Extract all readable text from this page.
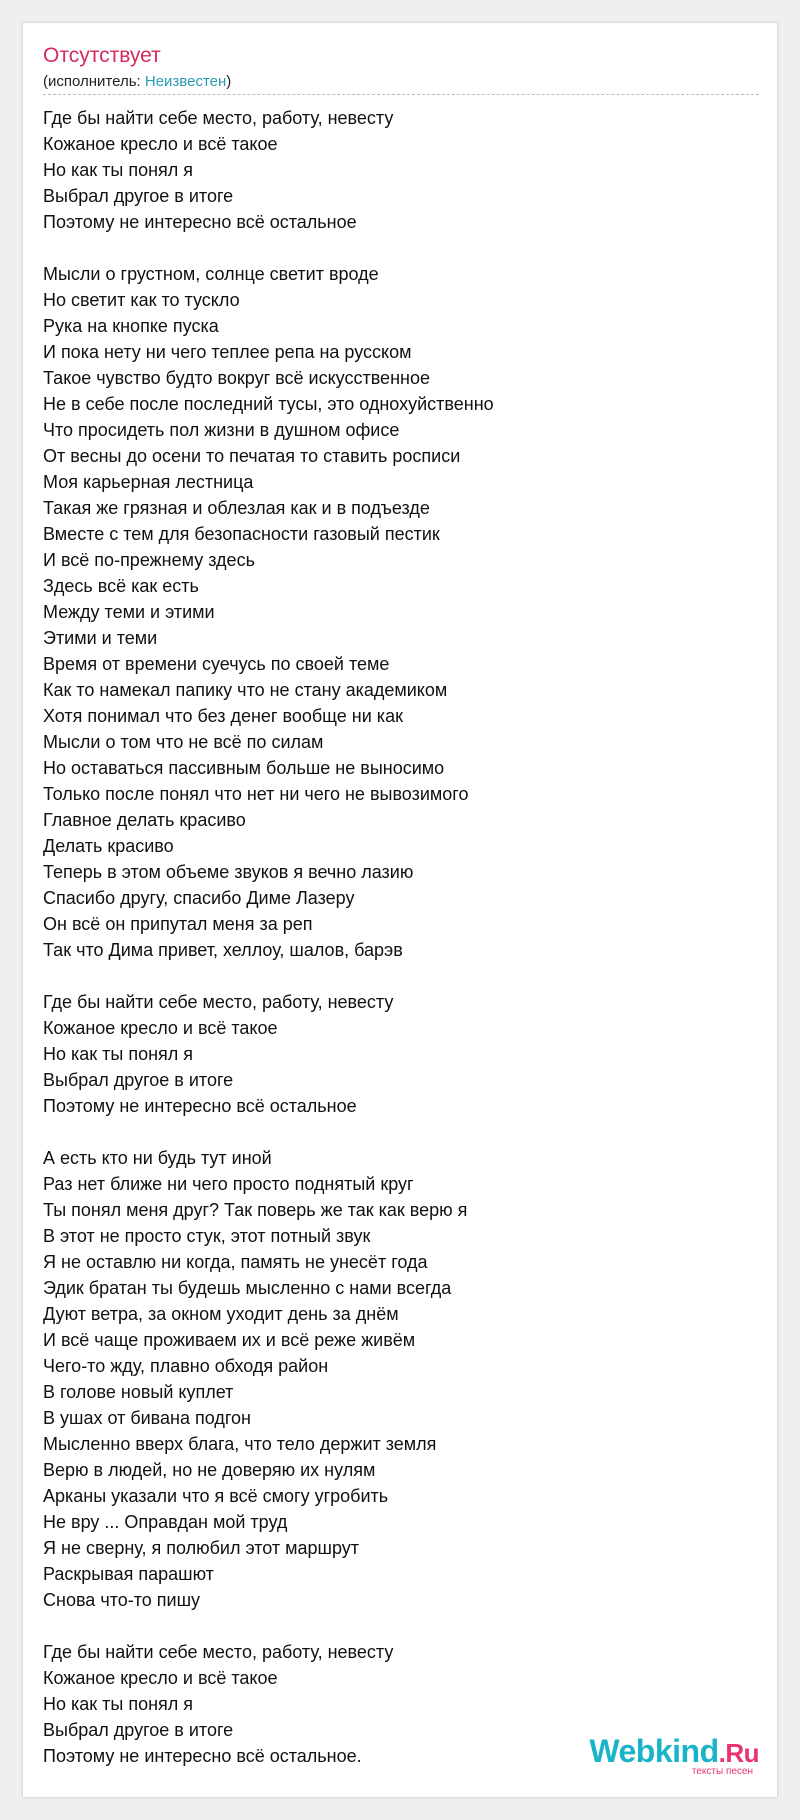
Отсутствует
(исполнитель: Неизвестен)
Где бы найти себе место, работу, невесту
Кожаное кресло и всё такое
Но как ты понял я
Выбрал другое в итоге
Поэтому не интересно всё остальное
Мысли о грустном, солнце светит вроде
Но светит как то тускло
Рука на кнопке пуска
И пока нету ни чего теплее репа на русском
Такое чувство будто вокруг всё искусственное
Не в себе после последний тусы, это однохуйственно
Что просидеть пол жизни в душном офисе
От весны до осени то печатая то ставить росписи
Моя карьерная лестница
Такая же грязная и облезлая как и в подъезде
Вместе с тем для безопасности газовый пестик
И всё по-прежнему здесь
Здесь всё как есть
Между теми и этими
Этими и теми
Время от времени суечусь по своей теме
Как то намекал папику что не стану академиком
Хотя понимал что без денег вообще ни как
Мысли о том что не всё по силам
Но оставаться пассивным больше не выносимо
Только после понял что нет ни чего не вывозимого
Главное делать красиво
Делать красиво
Теперь в этом объеме звуков я вечно лазию
Спасибо другу, спасибо Диме Лазеру
Он всё он припутал меня за реп
Так что Дима привет, хеллоу, шалов, барэв
Где бы найти себе место, работу, невесту
Кожаное кресло и всё такое
Но как ты понял я
Выбрал другое в итоге
Поэтому не интересно всё остальное
А есть кто ни будь тут иной
Раз нет ближе ни чего просто поднятый круг
Ты понял меня друг? Так поверь же так как верю я
В этот не просто стук, этот потный звук
Я не оставлю ни когда, память не унесёт года
Эдик братан ты будешь мысленно с нами всегда
Дуют ветра, за окном уходит день за днём
И всё чаще проживаем их и всё реже живём
Чего-то жду, плавно обходя район
В голове новый куплет
В ушах от бивана подгон
Мысленно вверх блага, что тело держит земля
Верю в людей, но не доверяю их нулям
Арканы указали что я всё смогу угробить
Не вру ... Оправдан мой труд
Я не сверну, я полюбил этот маршрут
Раскрывая парашют
Снова что-то пишу
Где бы найти себе место, работу, невесту
Кожаное кресло и всё такое
Но как ты понял я
Выбрал другое в итоге
Поэтому не интересно всё остальное.	Webkind.Ru
тексты песен
